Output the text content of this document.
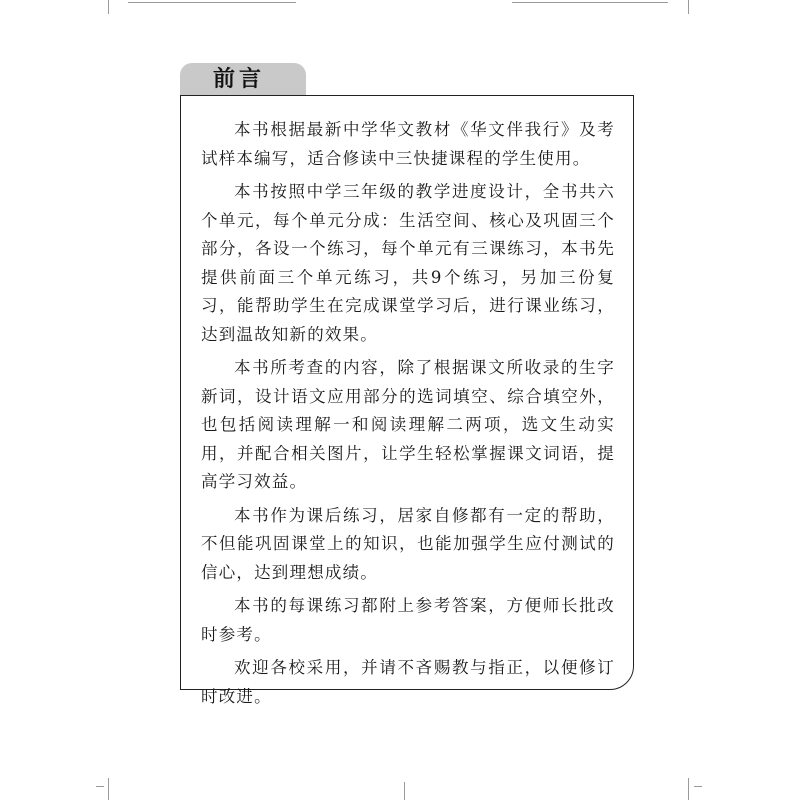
前言

本书根据最新中学华文教材《华文伴我行》及考试样本编写，适合修读中三快捷课程的学生使用。

本书按照中学三年级的教学进度设计，全书共六个单元，每个单元分成：生活空间、核心及巩固三个部分，各设一个练习，每个单元有三课练习，本书先提供前面三个单元练习，共9个练习，另加三份复习，能帮助学生在完成课堂学习后，进行课业练习，达到温故知新的效果。

本书所考查的内容，除了根据课文所收录的生字新词，设计语文应用部分的选词填空、综合填空外，也包括阅读理解一和阅读理解二两项，选文生动实用，并配合相关图片，让学生轻松掌握课文词语，提高学习效益。

本书作为课后练习，居家自修都有一定的帮助，不但能巩固课堂上的知识，也能加强学生应付测试的信心，达到理想成绩。

本书的每课练习都附上参考答案，方便师长批改时参考。

欢迎各校采用，并请不吝赐教与指正，以便修订时改进。
